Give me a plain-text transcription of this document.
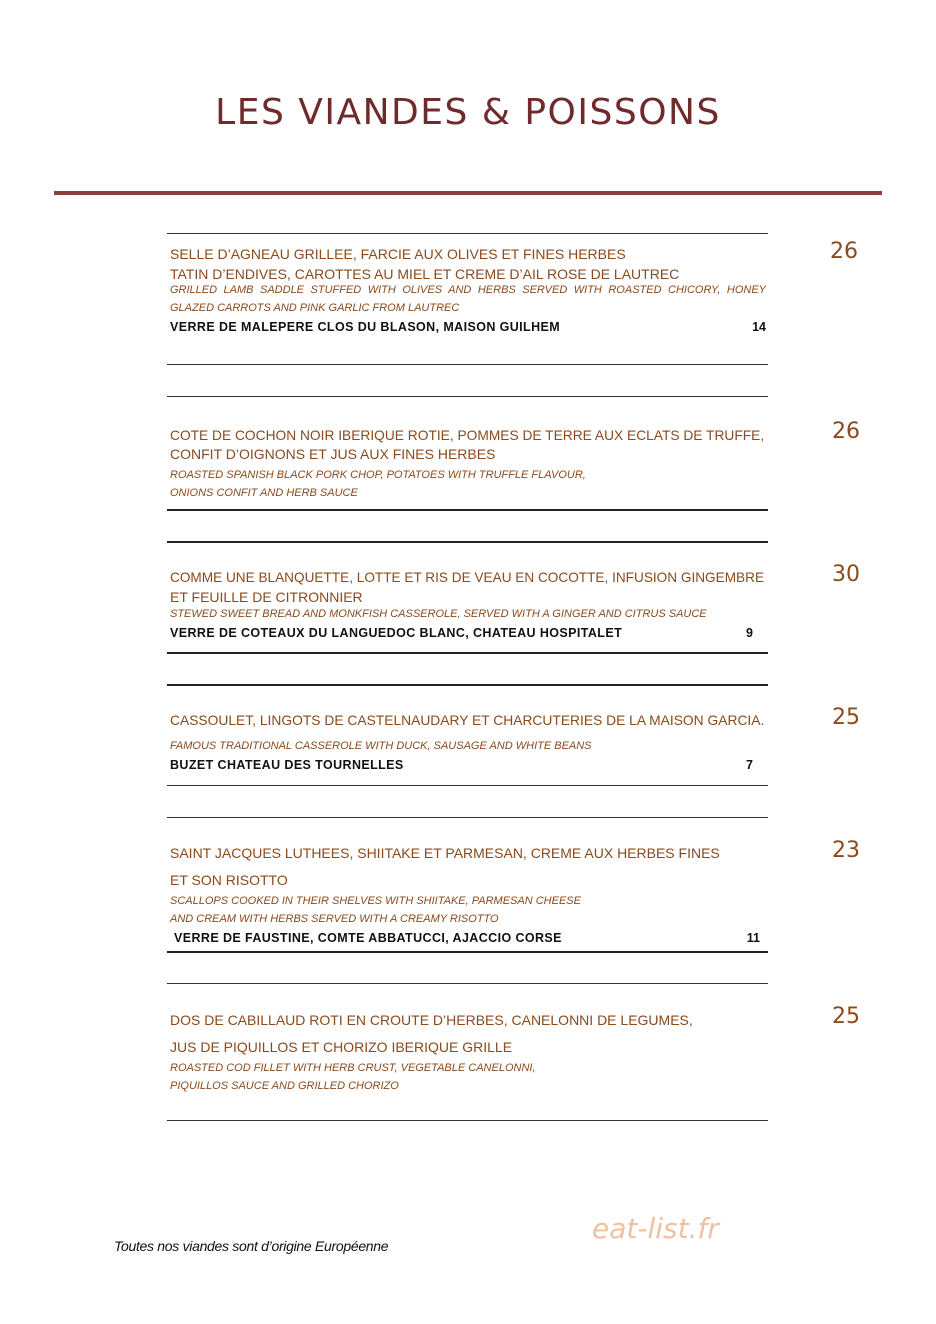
LES VIANDES & POISSONS
SELLE D’AGNEAU GRILLEE, FARCIE AUX OLIVES ET FINES HERBES
TATIN D’ENDIVES, CAROTTES AU MIEL ET CREME D’AIL ROSE DE LAUTREC
GRILLED LAMB SADDLE STUFFED WITH OLIVES AND HERBS SERVED WITH ROASTED CHICORY, HONEY
GLAZED CARROTS AND PINK GARLIC FROM LAUTREC
VERRE DE MALEPERE CLOS DU BLASON, MAISON GUILHEM	14
26
COTE DE COCHON NOIR IBERIQUE ROTIE, POMMES DE TERRE AUX ECLATS DE TRUFFE,
CONFIT D’OIGNONS ET JUS AUX FINES HERBES
ROASTED SPANISH BLACK PORK CHOP, POTATOES WITH TRUFFLE FLAVOUR,
ONIONS CONFIT AND HERB SAUCE
26
COMME UNE BLANQUETTE, LOTTE ET RIS DE VEAU EN COCOTTE, INFUSION GINGEMBRE
ET FEUILLE DE CITRONNIER
STEWED SWEET BREAD AND MONKFISH CASSEROLE, SERVED WITH A GINGER AND CITRUS SAUCE
VERRE DE COTEAUX DU LANGUEDOC BLANC, CHATEAU HOSPITALET	9
30
CASSOULET, LINGOTS DE CASTELNAUDARY ET CHARCUTERIES DE LA MAISON GARCIA.
FAMOUS TRADITIONAL CASSEROLE WITH DUCK, SAUSAGE AND WHITE BEANS
BUZET CHATEAU DES TOURNELLES	7
25
SAINT JACQUES LUTHEES, SHIITAKE ET PARMESAN, CREME AUX HERBES FINES
ET SON RISOTTO
SCALLOPS COOKED IN THEIR SHELVES WITH SHIITAKE, PARMESAN CHEESE
AND CREAM WITH HERBS SERVED WITH A CREAMY RISOTTO
VERRE DE FAUSTINE, COMTE ABBATUCCI, AJACCIO CORSE	11
23
DOS DE CABILLAUD ROTI EN CROUTE D’HERBES, CANELONNI DE LEGUMES,
JUS DE PIQUILLOS ET CHORIZO IBERIQUE GRILLE
ROASTED COD FILLET WITH HERB CRUST, VEGETABLE CANELONNI,
PIQUILLOS SAUCE AND GRILLED CHORIZO
25
Toutes nos viandes sont d’origine Européenne
eat-list.fr
